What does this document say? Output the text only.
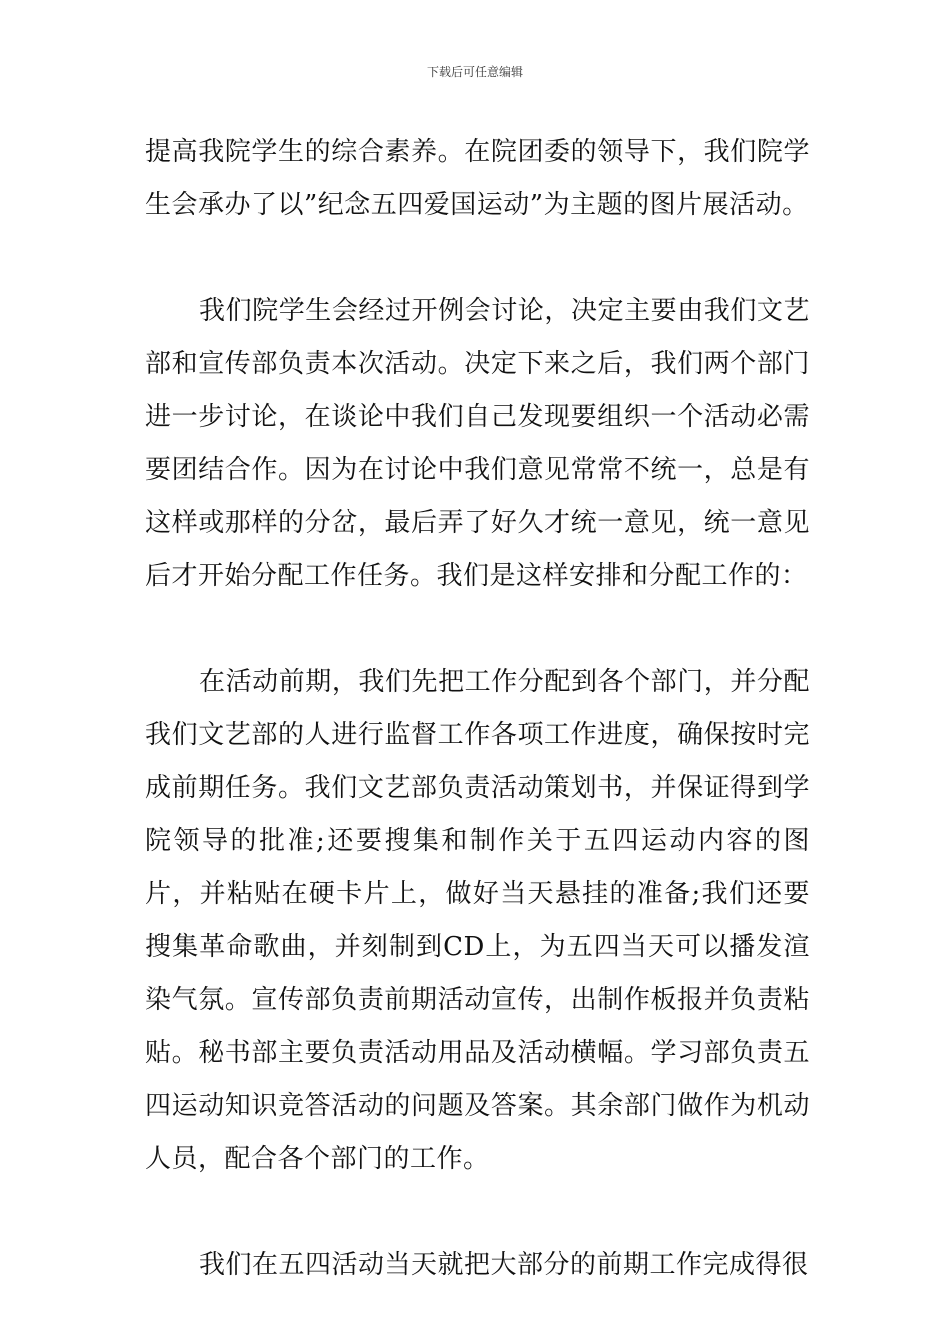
下载后可任意编辑

提高我院学生的综合素养。在院团委的领导下，我们院学生会承办了以”纪念五四爱国运动”为主题的图片展活动。

我们院学生会经过开例会讨论，决定主要由我们文艺部和宣传部负责本次活动。决定下来之后，我们两个部门进一步讨论，在谈论中我们自己发现要组织一个活动必需要团结合作。因为在讨论中我们意见常常不统一，总是有这样或那样的分岔，最后弄了好久才统一意见，统一意见后才开始分配工作任务。我们是这样安排和分配工作的：

在活动前期，我们先把工作分配到各个部门，并分配我们文艺部的人进行监督工作各项工作进度，确保按时完成前期任务。我们文艺部负责活动策划书，并保证得到学院领导的批准;还要搜集和制作关于五四运动内容的图片，并粘贴在硬卡片上，做好当天悬挂的准备;我们还要搜集革命歌曲，并刻制到CD上，为五四当天可以播发渲染气氛。宣传部负责前期活动宣传，出制作板报并负责粘贴。秘书部主要负责活动用品及活动横幅。学习部负责五四运动知识竞答活动的问题及答案。其余部门做作为机动人员，配合各个部门的工作。

我们在五四活动当天就把大部分的前期工作完成得很
